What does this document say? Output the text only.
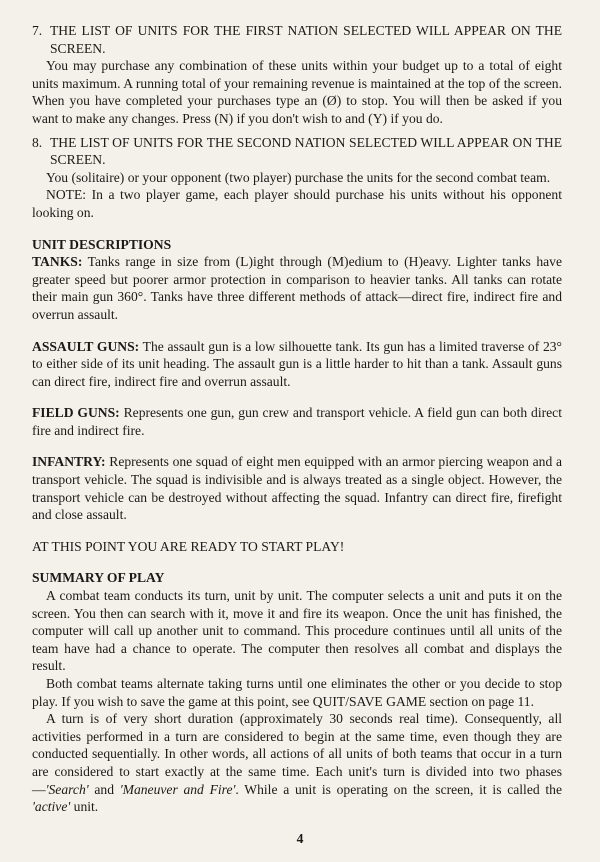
7. THE LIST OF UNITS FOR THE FIRST NATION SELECTED WILL APPEAR ON THE SCREEN.

You may purchase any combination of these units within your budget up to a total of eight units maximum. A running total of your remaining revenue is maintained at the top of the screen. When you have completed your purchases type an (Ø) to stop. You will then be asked if you want to make any changes. Press (N) if you don't wish to and (Y) if you do.

8. THE LIST OF UNITS FOR THE SECOND NATION SELECTED WILL APPEAR ON THE SCREEN.

You (solitaire) or your opponent (two player) purchase the units for the second combat team.

NOTE: In a two player game, each player should purchase his units without his opponent looking on.

UNIT DESCRIPTIONS

TANKS: Tanks range in size from (L)ight through (M)edium to (H)eavy. Lighter tanks have greater speed but poorer armor protection in comparison to heavier tanks. All tanks can rotate their main gun 360°. Tanks have three different methods of attack—direct fire, indirect fire and overrun assault.

ASSAULT GUNS: The assault gun is a low silhouette tank. Its gun has a limited traverse of 23° to either side of its unit heading. The assault gun is a little harder to hit than a tank. Assault guns can direct fire, indirect fire and overrun assault.

FIELD GUNS: Represents one gun, gun crew and transport vehicle. A field gun can both direct fire and indirect fire.

INFANTRY: Represents one squad of eight men equipped with an armor piercing weapon and a transport vehicle. The squad is indivisible and is always treated as a single object. However, the transport vehicle can be destroyed without affecting the squad. Infantry can direct fire, firefight and close assault.

AT THIS POINT YOU ARE READY TO START PLAY!

SUMMARY OF PLAY

A combat team conducts its turn, unit by unit. The computer selects a unit and puts it on the screen. You then can search with it, move it and fire its weapon. Once the unit has finished, the computer will call up another unit to command. This procedure continues until all units of the team have had a chance to operate. The computer then resolves all combat and displays the result.

Both combat teams alternate taking turns until one eliminates the other or you decide to stop play. If you wish to save the game at this point, see QUIT/SAVE GAME section on page 11.

A turn is of very short duration (approximately 30 seconds real time). Consequently, all activities performed in a turn are considered to begin at the same time, even though they are conducted sequentially. In other words, all actions of all units of both teams that occur in a turn are considered to start exactly at the same time. Each unit's turn is divided into two phases—'Search' and 'Maneuver and Fire'. While a unit is operating on the screen, it is called the 'active' unit.

4
